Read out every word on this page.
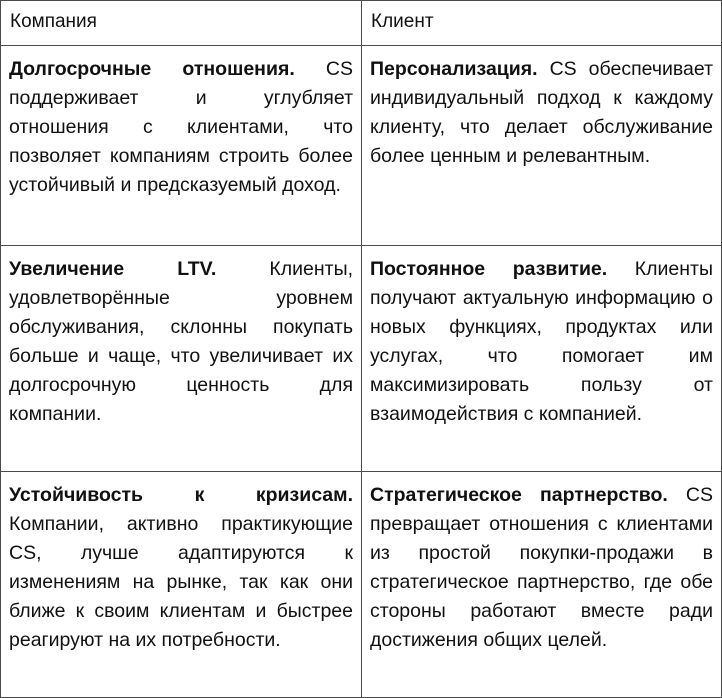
Компания	Клиент

Долгосрочные отношения. CS поддерживает и углубляет отношения с клиентами, что позволяет компаниям строить более устойчивый и предсказуемый доход.	Персонализация. CS обеспечивает индивидуальный подход к каждому клиенту, что делает обслуживание более ценным и релевантным.

Увеличение LTV. Клиенты, удовлетворённые уровнем обслуживания, склонны покупать больше и чаще, что увеличивает их долгосрочную ценность для компании.	Постоянное развитие. Клиенты получают актуальную информацию о новых функциях, продуктах или услугах, что помогает им максимизировать пользу от взаимодействия с компанией.

Устойчивость к кризисам. Компании, активно практикующие CS, лучше адаптируются к изменениям на рынке, так как они ближе к своим клиентам и быстрее реагируют на их потребности.	Стратегическое партнерство. CS превращает отношения с клиентами из простой покупки-продажи в стратегическое партнерство, где обе стороны работают вместе ради достижения общих целей.
